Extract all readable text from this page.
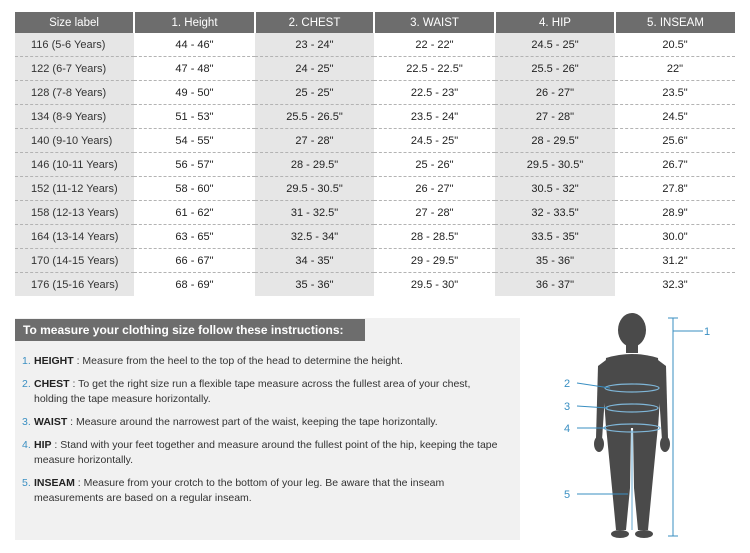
Size label	1. Height	2. CHEST	3. WAIST	4. HIP	5. INSEAM
116 (5-6 Years)	44 - 46"	23 - 24"	22 - 22"	24.5 - 25"	20.5"
122 (6-7 Years)	47 - 48"	24 - 25"	22.5 - 22.5"	25.5 - 26"	22"
128 (7-8 Years)	49 - 50"	25 - 25"	22.5 - 23"	26 - 27"	23.5"
134 (8-9 Years)	51 - 53"	25.5 - 26.5"	23.5 - 24"	27 - 28"	24.5"
140 (9-10 Years)	54 - 55"	27 - 28"	24.5 - 25"	28 - 29.5"	25.6"
146 (10-11 Years)	56 - 57"	28 - 29.5"	25 - 26"	29.5 - 30.5"	26.7"
152 (11-12 Years)	58 - 60"	29.5 - 30.5"	26 - 27"	30.5 - 32"	27.8"
158 (12-13 Years)	61 - 62"	31 - 32.5"	27 - 28"	32 - 33.5"	28.9"
164 (13-14 Years)	63 - 65"	32.5 - 34"	28 - 28.5"	33.5 - 35"	30.0"
170 (14-15 Years)	66 - 67"	34 - 35"	29 - 29.5"	35 - 36"	31.2"
176 (15-16 Years)	68 - 69"	35 - 36"	29.5 - 30"	36 - 37"	32.3"
To measure your clothing size follow these instructions:
1. HEIGHT : Measure from the heel to the top of the head to determine the height.
2. CHEST : To get the right size run a flexible tape measure across the fullest area of your chest, holding the tape measure horizontally.
3. WAIST : Measure around the narrowest part of the waist, keeping the tape horizontally.
4. HIP : Stand with your feet together and measure around the fullest point of the hip, keeping the tape measure horizontally.
5. INSEAM : Measure from your crotch to the bottom of your leg. Be aware that the inseam measurements are based on a regular inseam.
1
2
3
4
5
